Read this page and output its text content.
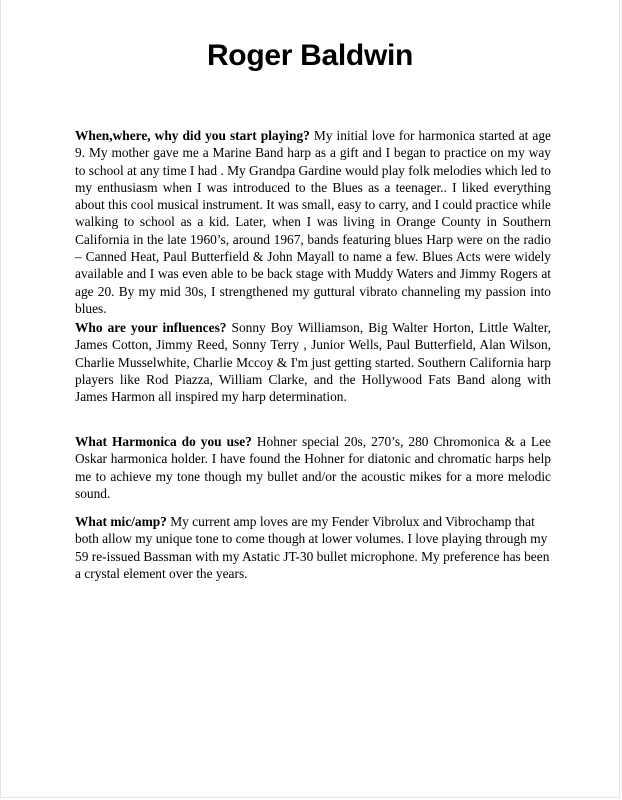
Roger Baldwin

When,where, why did you start playing? My initial love for harmonica started at age 9. My mother gave me a Marine Band harp as a gift and I began to practice on my way to school at any time I had . My Grandpa Gardine would play folk melodies which led to my enthusiasm when I was introduced to the Blues as a teenager.. I liked everything about this cool musical instrument. It was small, easy to carry, and I could practice while walking to school as a kid. Later, when I was living in Orange County in Southern California in the late 1960’s, around 1967, bands featuring blues Harp were on the radio – Canned Heat, Paul Butterfield & John Mayall to name a few. Blues Acts were widely available and I was even able to be back stage with Muddy Waters and Jimmy Rogers at age 20. By my mid 30s, I strengthened my guttural vibrato channeling my passion into blues.

Who are your influences? Sonny Boy Williamson, Big Walter Horton, Little Walter, James Cotton, Jimmy Reed, Sonny Terry , Junior Wells, Paul Butterfield, Alan Wilson, Charlie Musselwhite, Charlie Mccoy & I'm just getting started. Southern California harp players like Rod Piazza, William Clarke, and the Hollywood Fats Band along with James Harmon all inspired my harp determination.

What Harmonica do you use? Hohner special 20s, 270’s, 280 Chromonica & a Lee Oskar harmonica holder. I have found the Hohner for diatonic and chromatic harps help me to achieve my tone though my bullet and/or the acoustic mikes for a more melodic sound.

What mic/amp? My current amp loves are my Fender Vibrolux and Vibrochamp that both allow my unique tone to come though at lower volumes. I love playing through my 59 re-issued Bassman with my Astatic JT-30 bullet microphone. My preference has been a crystal element over the years.
